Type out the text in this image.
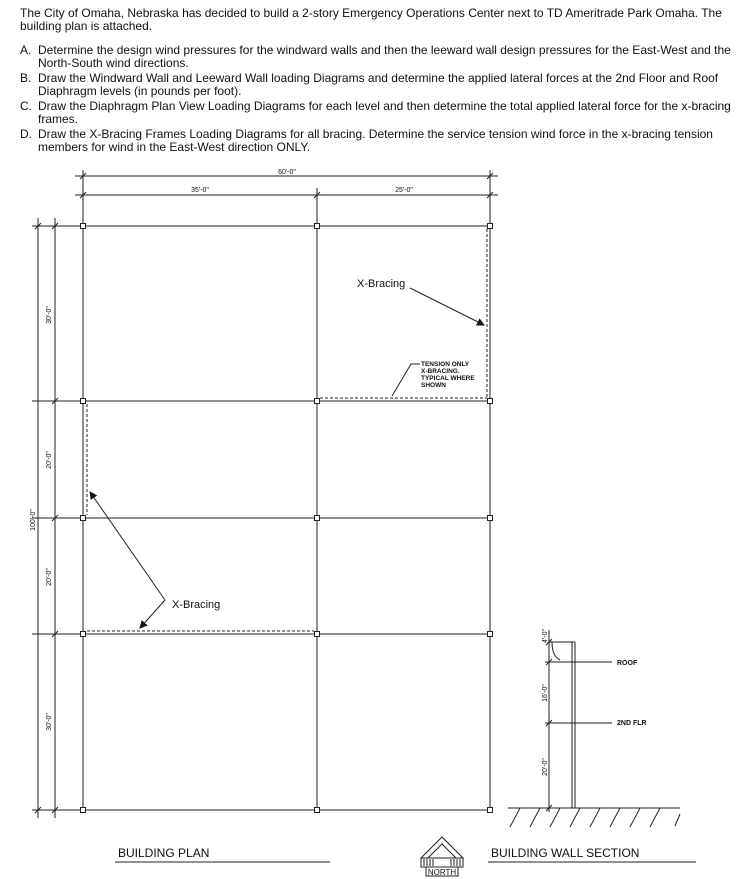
The City of Omaha, Nebraska has decided to build a 2-story Emergency Operations Center next to TD Ameritrade Park Omaha. The building plan is attached.

A. Determine the design wind pressures for the windward walls and then the leeward wall design pressures for the East-West and the North-South wind directions.
B. Draw the Windward Wall and Leeward Wall loading Diagrams and determine the applied lateral forces at the 2nd Floor and Roof Diaphragm levels (in pounds per foot).
C. Draw the Diaphragm Plan View Loading Diagrams for each level and then determine the total applied lateral force for the x-bracing frames.
D. Draw the X-Bracing Frames Loading Diagrams for all bracing. Determine the service tension wind force in the x-bracing tension members for wind in the East-West direction ONLY.
60'-0"
35'-0"	25'-0"
100'-0"
30'-0"
20'-0"
20'-0"
30'-0"
X-Bracing
X-Bracing
TENSION ONLY
X-BRACING.
TYPICAL WHERE
SHOWN
BUILDING PLAN
NORTH
4'-0"
16'-0"
20'-0"
ROOF
2ND FLR
BUILDING WALL SECTION
